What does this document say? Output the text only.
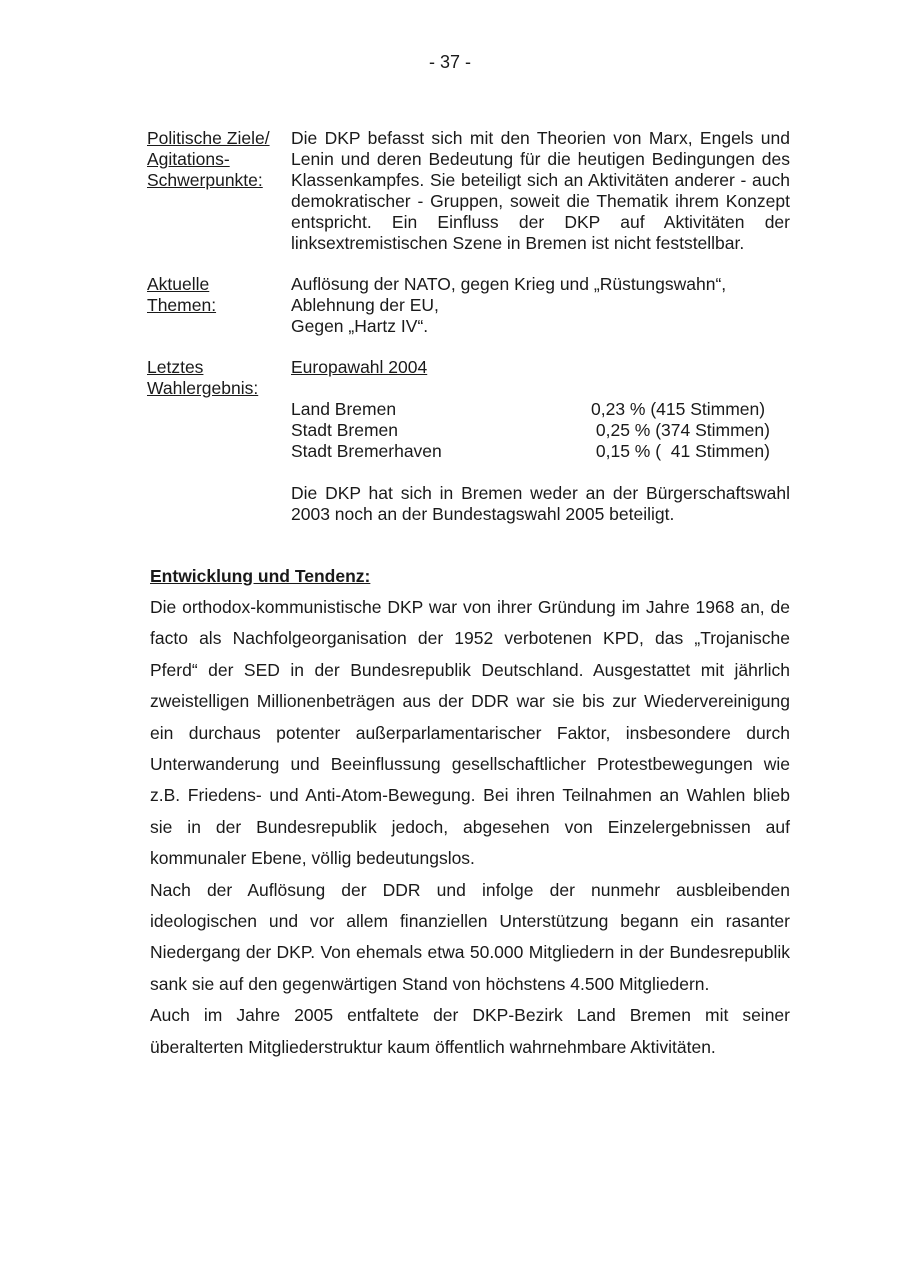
- 37 -
Politische Ziele/
Agitations-
Schwerpunkte:
Die DKP befasst sich mit den Theorien von Marx, Engels und Lenin und deren Bedeutung für die heutigen Bedingungen des Klassenkampfes. Sie beteiligt sich an Aktivitäten anderer - auch demokratischer - Gruppen, soweit die Thematik ihrem Konzept entspricht. Ein Einfluss der DKP auf Aktivitäten der linksextremistischen Szene in Bremen ist nicht feststellbar.
Aktuelle
Themen:
Auflösung der NATO, gegen Krieg und „Rüstungswahn“,
Ablehnung der EU,
Gegen „Hartz IV“.
Letztes
Wahlergebnis:
Europawahl 2004
Land Bremen	0,23 % (415 Stimmen)
Stadt Bremen	0,25 % (374 Stimmen)
Stadt Bremerhaven	0,15 % (  41 Stimmen)
Die DKP hat sich in Bremen weder an der Bürgerschaftswahl 2003 noch an der Bundestagswahl 2005 beteiligt.
Entwicklung und Tendenz:

Die orthodox-kommunistische DKP war von ihrer Gründung im Jahre 1968 an, de facto als Nachfolgeorganisation der 1952 verbotenen KPD, das „Trojanische Pferd“ der SED in der Bundesrepublik Deutschland. Ausgestattet mit jährlich zweistelligen Millionenbeträgen aus der DDR war sie bis zur Wiedervereinigung ein durchaus potenter außerparlamentarischer Faktor, insbesondere durch Unterwanderung und Beeinflussung gesellschaftlicher Protestbewegungen wie z.B. Friedens- und Anti-Atom-Bewegung. Bei ihren Teilnahmen an Wahlen blieb sie in der Bundesrepublik jedoch, abgesehen von Einzelergebnissen auf kommunaler Ebene, völlig bedeutungslos.

Nach der Auflösung der DDR und infolge der nunmehr ausbleibenden ideologischen und vor allem finanziellen Unterstützung begann ein rasanter Niedergang der DKP. Von ehemals etwa 50.000 Mitgliedern in der Bundesrepublik sank sie auf den gegenwärtigen Stand von höchstens 4.500 Mitgliedern.

Auch im Jahre 2005 entfaltete der DKP-Bezirk Land Bremen mit seiner überalterten Mitgliederstruktur kaum öffentlich wahrnehmbare Aktivitäten.
